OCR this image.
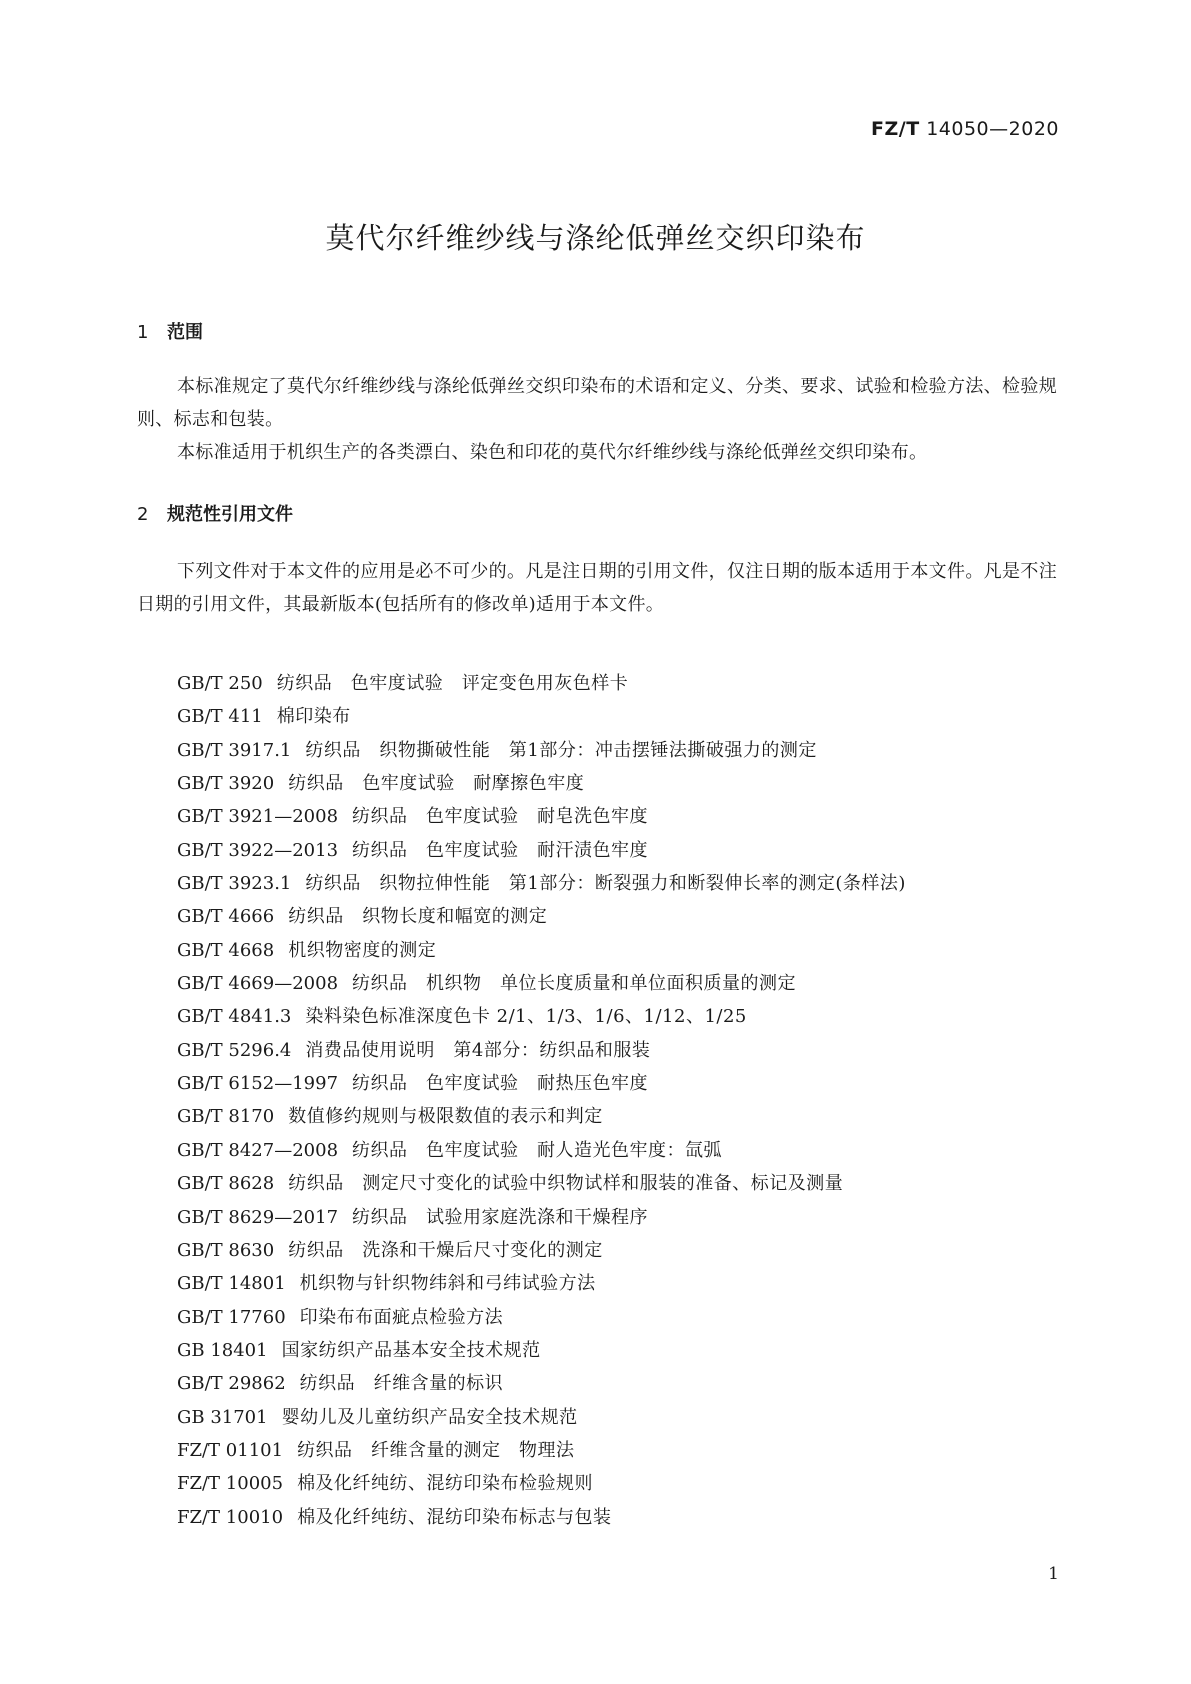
FZ/T 14050—2020
莫代尔纤维纱线与涤纶低弹丝交织印染布
1 范围

本标准规定了莫代尔纤维纱线与涤纶低弹丝交织印染布的术语和定义、分类、要求、试验和检验方法、检验规则、标志和包装。

本标准适用于机织生产的各类漂白、染色和印花的莫代尔纤维纱线与涤纶低弹丝交织印染布。

2 规范性引用文件

下列文件对于本文件的应用是必不可少的。凡是注日期的引用文件，仅注日期的版本适用于本文件。凡是不注日期的引用文件，其最新版本(包括所有的修改单)适用于本文件。

GB/T 250 纺织品　色牢度试验　评定变色用灰色样卡
GB/T 411 棉印染布
GB/T 3917.1 纺织品　织物撕破性能　第1部分：冲击摆锤法撕破强力的测定
GB/T 3920 纺织品　色牢度试验　耐摩擦色牢度
GB/T 3921—2008 纺织品　色牢度试验　耐皂洗色牢度
GB/T 3922—2013 纺织品　色牢度试验　耐汗渍色牢度
GB/T 3923.1 纺织品　织物拉伸性能　第1部分：断裂强力和断裂伸长率的测定(条样法)
GB/T 4666 纺织品　织物长度和幅宽的测定
GB/T 4668 机织物密度的测定
GB/T 4669—2008 纺织品　机织物　单位长度质量和单位面积质量的测定
GB/T 4841.3 染料染色标准深度色卡 2/1、1/3、1/6、1/12、1/25
GB/T 5296.4 消费品使用说明　第4部分：纺织品和服装
GB/T 6152—1997 纺织品　色牢度试验　耐热压色牢度
GB/T 8170 数值修约规则与极限数值的表示和判定
GB/T 8427—2008 纺织品　色牢度试验　耐人造光色牢度：氙弧
GB/T 8628 纺织品　测定尺寸变化的试验中织物试样和服装的准备、标记及测量
GB/T 8629—2017 纺织品　试验用家庭洗涤和干燥程序
GB/T 8630 纺织品　洗涤和干燥后尺寸变化的测定
GB/T 14801 机织物与针织物纬斜和弓纬试验方法
GB/T 17760 印染布布面疵点检验方法
GB 18401 国家纺织产品基本安全技术规范
GB/T 29862 纺织品　纤维含量的标识
GB 31701 婴幼儿及儿童纺织产品安全技术规范
FZ/T 01101 纺织品　纤维含量的测定　物理法
FZ/T 10005 棉及化纤纯纺、混纺印染布检验规则
FZ/T 10010 棉及化纤纯纺、混纺印染布标志与包装
1
